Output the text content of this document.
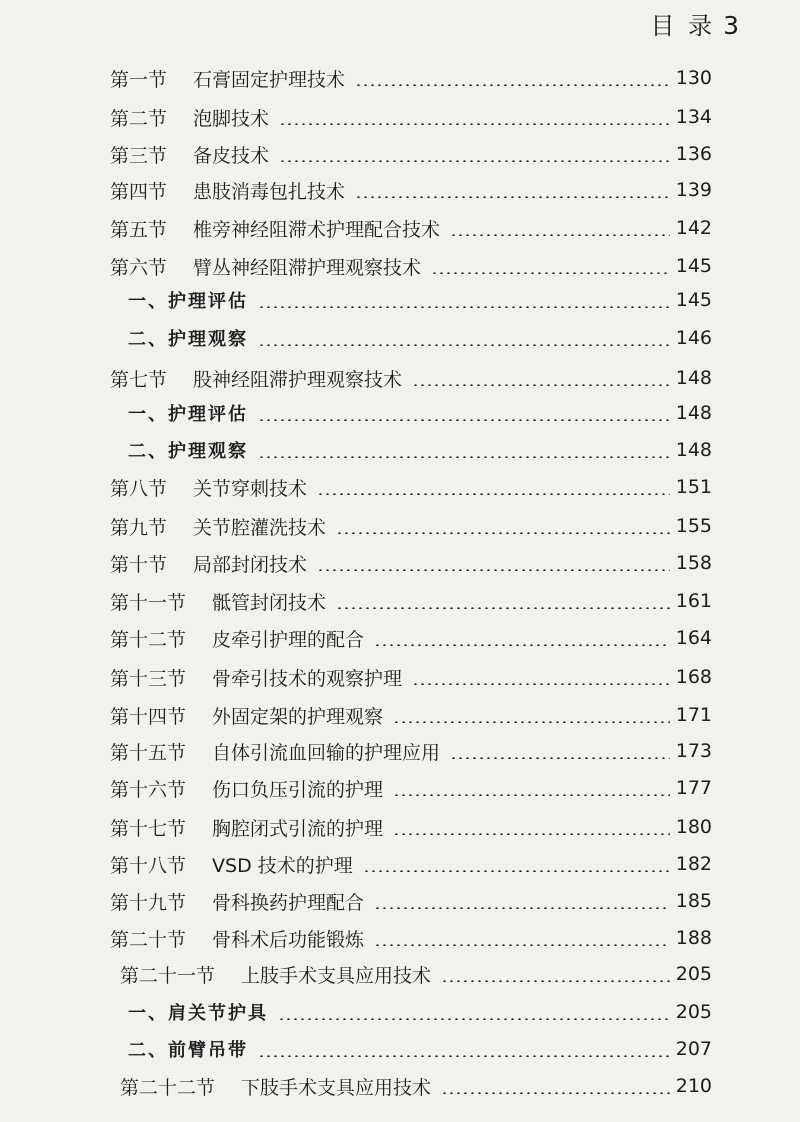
目 录 3
第一节 石膏固定护理技术	130
第二节 泡脚技术	134
第三节 备皮技术	136
第四节 患肢消毒包扎技术	139
第五节 椎旁神经阻滞术护理配合技术	142
第六节 臂丛神经阻滞护理观察技术	145
一、护理评估	145
二、护理观察	146
第七节 股神经阻滞护理观察技术	148
一、护理评估	148
二、护理观察	148
第八节 关节穿刺技术	151
第九节 关节腔灌洗技术	155
第十节 局部封闭技术	158
第十一节 骶管封闭技术	161
第十二节 皮牵引护理的配合	164
第十三节 骨牵引技术的观察护理	168
第十四节 外固定架的护理观察	171
第十五节 自体引流血回输的护理应用	173
第十六节 伤口负压引流的护理	177
第十七节 胸腔闭式引流的护理	180
第十八节 VSD 技术的护理	182
第十九节 骨科换药护理配合	185
第二十节 骨科术后功能锻炼	188
第二十一节 上肢手术支具应用技术	205
一、肩关节护具	205
二、前臂吊带	207
第二十二节 下肢手术支具应用技术	210
